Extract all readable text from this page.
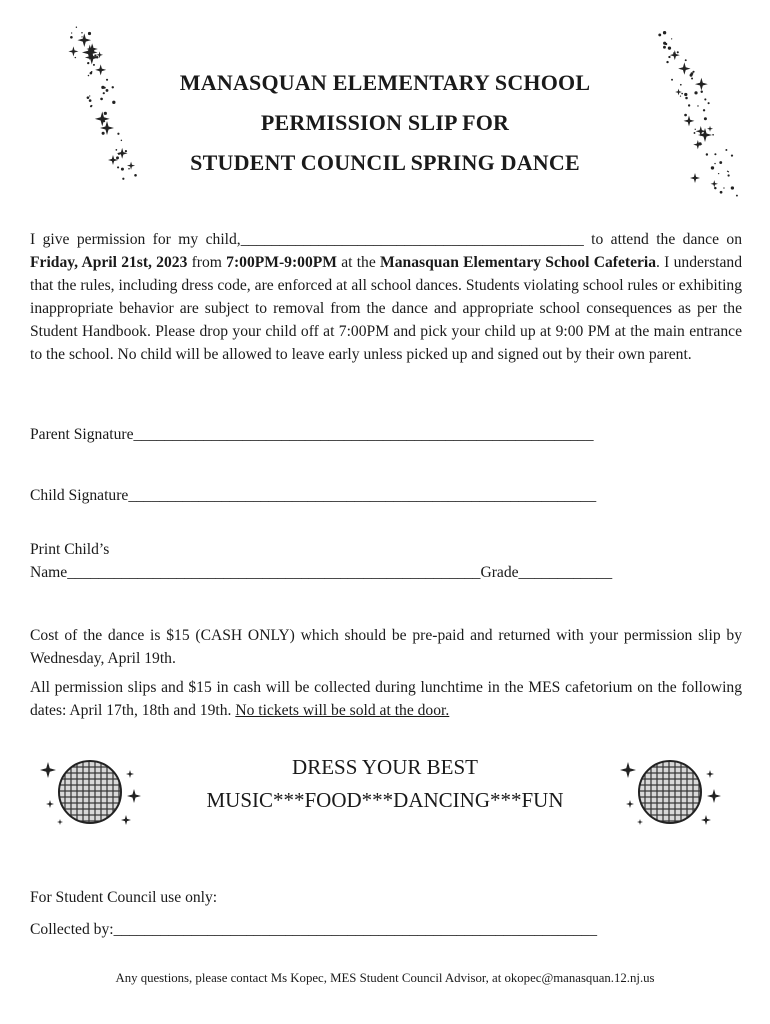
MANASQUAN ELEMENTARY SCHOOL
PERMISSION SLIP FOR
STUDENT COUNCIL SPRING DANCE
I give permission for my child,____________________________________________ to attend the dance on Friday, April 21st, 2023 from 7:00PM-9:00PM at the Manasquan Elementary School Cafeteria. I understand that the rules, including dress code, are enforced at all school dances. Students violating school rules or exhibiting inappropriate behavior are subject to removal from the dance and appropriate school consequences as per the Student Handbook. Please drop your child off at 7:00PM and pick your child up at 9:00 PM at the main entrance to the school. No child will be allowed to leave early unless picked up and signed out by their own parent.
Parent Signature___________________________________________________________
Child Signature____________________________________________________________
Print Child’s
Name_____________________________________________________Grade____________
Cost of the dance is $15 (CASH ONLY) which should be pre-paid and returned with your permission slip by Wednesday, April 19th.
All permission slips and $15 in cash will be collected during lunchtime in the MES cafetorium on the following dates: April 17th, 18th and 19th. No tickets will be sold at the door.
DRESS YOUR BEST
MUSIC***FOOD***DANCING***FUN
For Student Council use only:
Collected by:______________________________________________________________
Any questions, please contact Ms Kopec, MES Student Council Advisor, at okopec@manasquan.12.nj.us
